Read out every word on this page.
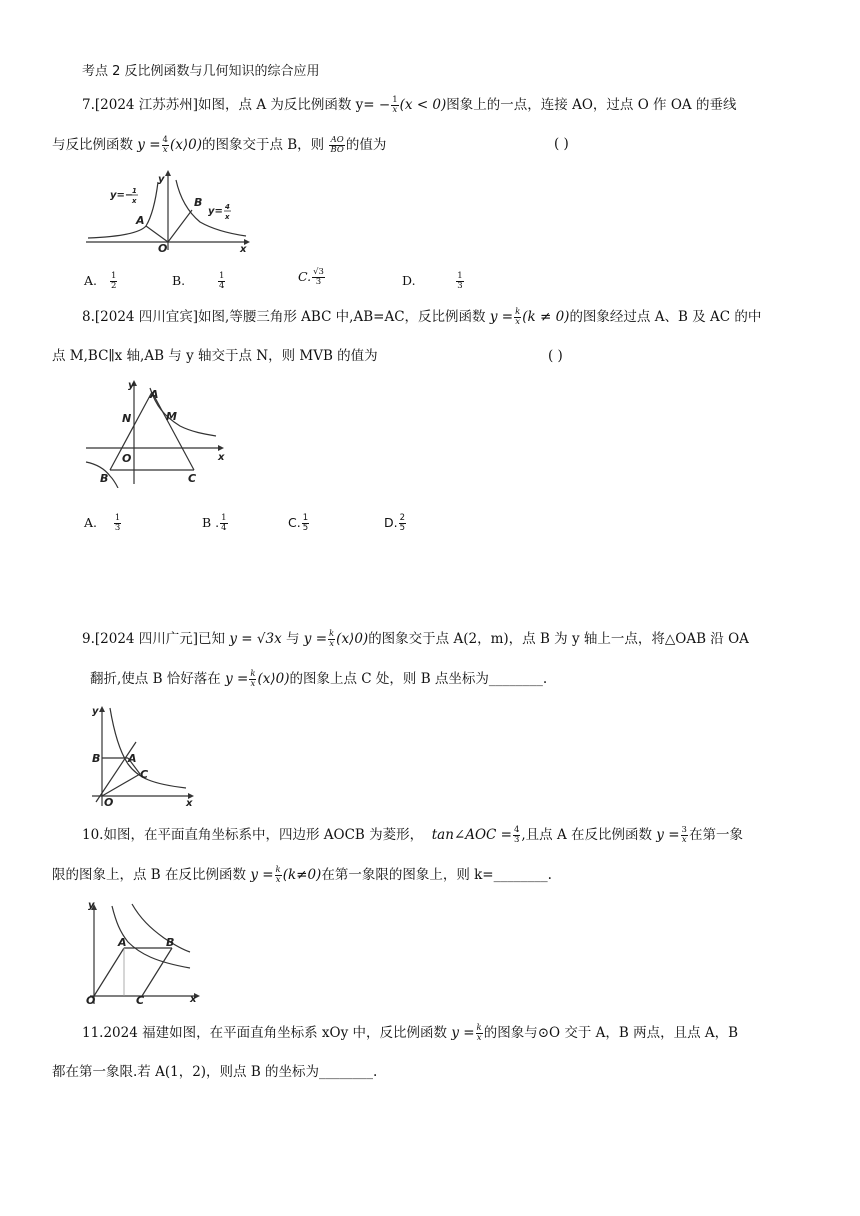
考点 2 反比例函数与几何知识的综合应用
7.[2024 江苏苏州]如图，点 A 为反比例函数 $y= - \frac{1}{x} (x < 0)$图象上的一点，连接 AO，过点 O 作 OA 的垂线
与反比例函数 $y = \frac{4}{x}$ (x⟩0)的图象交于点 B，则 $\frac{AO}{BO}$ 的值为	( )
A
B
O	x
y
y=−
1
x
y= 4
x
A. $\frac{1}{2}$	B.	$\frac{1}{4}$	C. $\frac{√3}{3}$	D.	$\frac{1}{3}$
8.[2024 四川宜宾]如图,等腰三角形 ABC 中,AB=AC，反比例函数 $y = \frac{k}{x} (k \ne 0)$的图象经过点 A、B 及 AC 的中
点 M,BC∥x 轴,AB 与 y 轴交于点 N，则 MVB 的值为	( )
A
M
N
O
B	C
x
y
A. $\frac{1}{3}$	B . $\frac{1}{4}$	C. $\frac{1}{5}$	D. $\frac{2}{5}$
9.[2024 四川广元]已知 y = √3x 与 $y = \frac{k}{x}$ (x⟩0)的图象交于点 A(2，m)，点 B 为 y 轴上一点，将△OAB 沿 OA
翻折,使点 B 恰好落在 $y = \frac{k}{x}$ (x⟩0)的图象上点 C 处，则 B 点坐标为________.
B	A
C
O	x
y
10.如图，在平面直角坐标系中，四边形 AOCB 为菱形， tan∠AOC = $\frac{4}{3}$ ,且点 A 在反比例函数 $y = \frac{3}{x}$ 在第一象
限的图象上，点 B 在反比例函数 $y = \frac{k}{x} (k\ne 0)$在第一象限的图象上，则 k=________.
A	B
C
O	x
y
11.2024 福建如图，在平面直角坐标系 xOy 中，反比例函数 $y = \frac{k}{x}$ 的图象与⊙O 交于 A，B 两点，且点 A，B
都在第一象限.若 A(1，2)，则点 B 的坐标为________.
